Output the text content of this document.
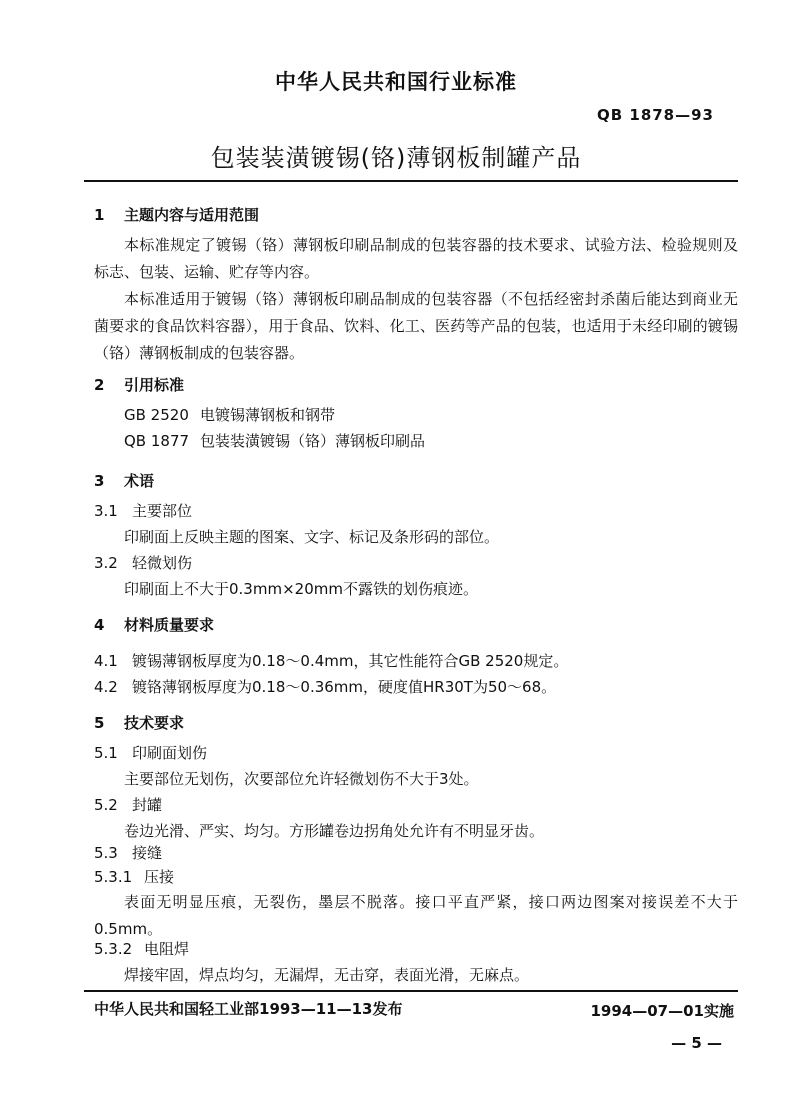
中华人民共和国行业标准
QB 1878—93
包装装潢镀锡(铬)薄钢板制罐产品
1 主题内容与适用范围
本标准规定了镀锡（铬）薄钢板印刷品制成的包装容器的技术要求、试验方法、检验规则及标志、包装、运输、贮存等内容。
本标准适用于镀锡（铬）薄钢板印刷品制成的包装容器（不包括经密封杀菌后能达到商业无菌要求的食品饮料容器），用于食品、饮料、化工、医药等产品的包装，也适用于未经印刷的镀锡（铬）薄钢板制成的包装容器。
2 引用标准
GB 2520 电镀锡薄钢板和钢带
QB 1877 包装装潢镀锡（铬）薄钢板印刷品
3 术语
3.1 主要部位
印刷面上反映主题的图案、文字、标记及条形码的部位。
3.2 轻微划伤
印刷面上不大于0.3mm×20mm不露铁的划伤痕迹。
4 材料质量要求
4.1 镀锡薄钢板厚度为0.18～0.4mm，其它性能符合GB 2520规定。
4.2 镀铬薄钢板厚度为0.18～0.36mm，硬度值HR30T为50～68。
5 技术要求
5.1 印刷面划伤
主要部位无划伤，次要部位允许轻微划伤不大于3处。
5.2 封罐
卷边光滑、严实、均匀。方形罐卷边拐角处允许有不明显牙齿。
5.3 接缝
5.3.1 压接
表面无明显压痕，无裂伤，墨层不脱落。接口平直严紧，接口两边图案对接误差不大于0.5mm。
5.3.2 电阻焊
焊接牢固，焊点均匀，无漏焊，无击穿，表面光滑，无麻点。
中华人民共和国轻工业部1993—11—13发布	1994—07—01实施
— 5 —
